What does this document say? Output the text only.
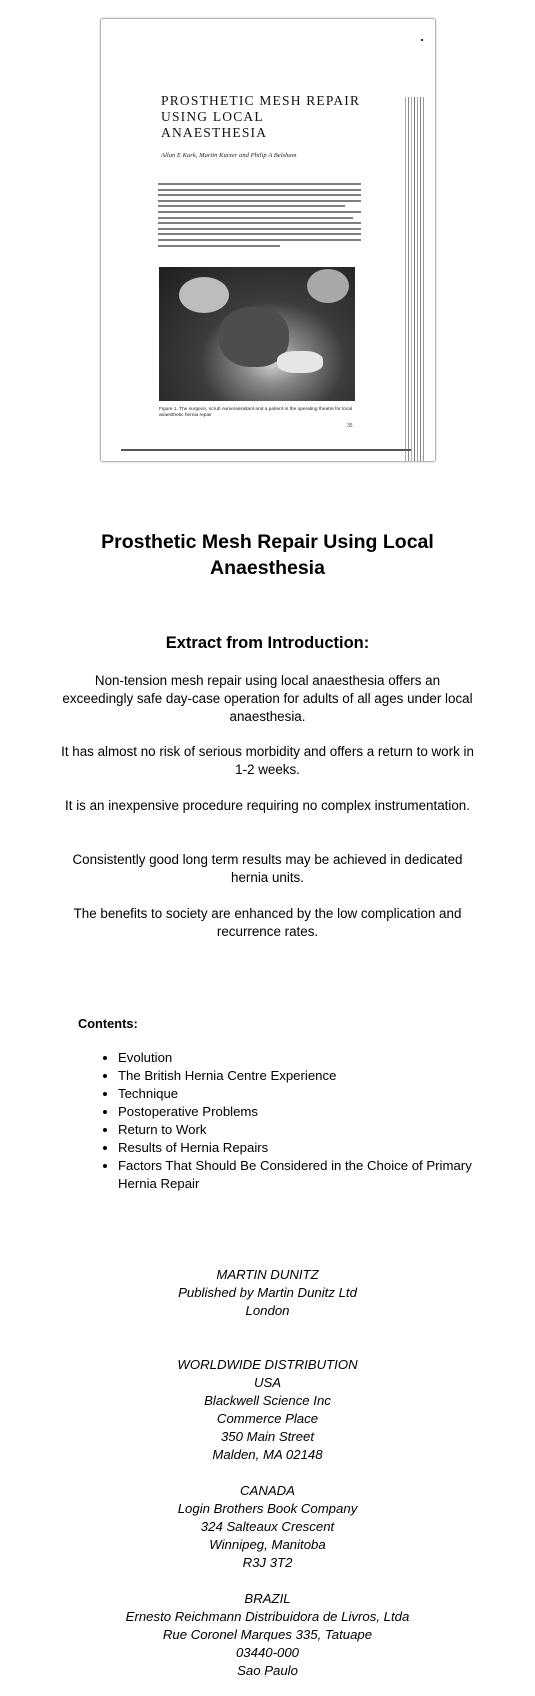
PROSTHETIC MESH REPAIR
USING LOCAL
ANAESTHESIA
Allan E Kark, Martin Kurzer and Philip A Belsham
Figure 1. The surgeon, scrub nurse/assistant and a patient in the operating theatre for local anaesthetic hernia repair
35
Prosthetic Mesh Repair Using Local Anaesthesia
Extract from Introduction:

Non-tension mesh repair using local anaesthesia offers an exceedingly safe day-case operation for adults of all ages under local anaesthesia.

It has almost no risk of serious morbidity and offers a return to work in 1-2 weeks.

It is an inexpensive procedure requiring no complex instrumentation.

Consistently good long term results may be achieved in dedicated hernia units.

The benefits to society are enhanced by the low complication and recurrence rates.

Contents:

• Evolution
• The British Hernia Centre Experience
• Technique
• Postoperative Problems
• Return to Work
• Results of Hernia Repairs
• Factors That Should Be Considered in the Choice of Primary Hernia Repair
MARTIN DUNITZ
Published by Martin Dunitz Ltd
London
WORLDWIDE DISTRIBUTION
USA
Blackwell Science Inc
Commerce Place
350 Main Street
Malden, MA 02148
CANADA
Login Brothers Book Company
324 Salteaux Crescent
Winnipeg, Manitoba
R3J 3T2
BRAZIL
Ernesto Reichmann Distribuidora de Livros, Ltda
Rue Coronel Marques 335, Tatuape
03440-000
Sao Paulo
